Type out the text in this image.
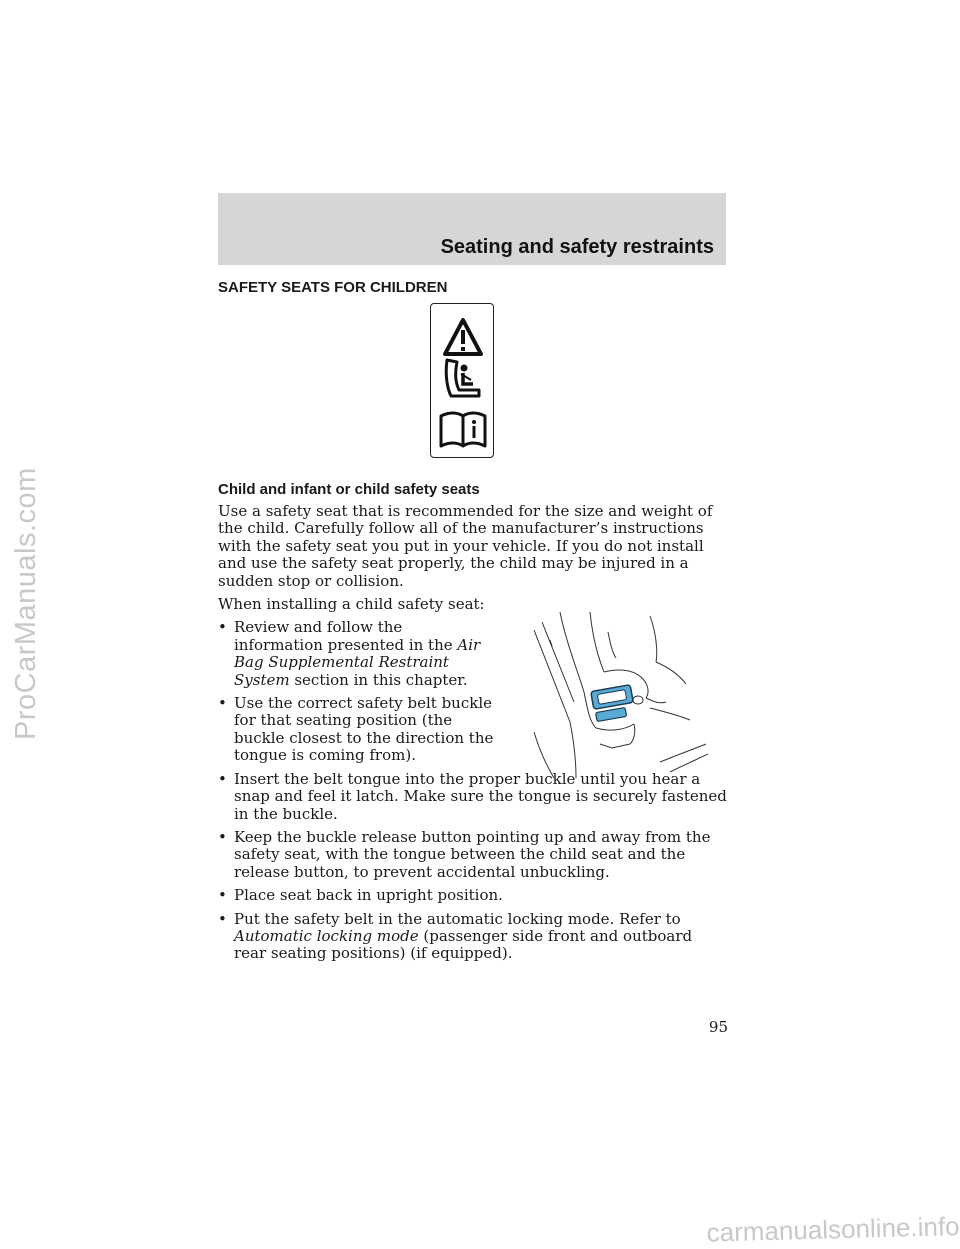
Seating and safety restraints
SAFETY SEATS FOR CHILDREN
Child and infant or child safety seats

Use a safety seat that is recommended for the size and weight of the child. Carefully follow all of the manufacturer’s instructions with the safety seat you put in your vehicle. If you do not install and use the safety seat properly, the child may be injured in a sudden stop or collision.

When installing a child safety seat:

• Review and follow the information presented in the Air Bag Supplemental Restraint System section in this chapter.
• Use the correct safety belt buckle for that seating position (the buckle closest to the direction the tongue is coming from).
• Insert the belt tongue into the proper buckle until you hear a snap and feel it latch. Make sure the tongue is securely fastened in the buckle.
• Keep the buckle release button pointing up and away from the safety seat, with the tongue between the child seat and the release button, to prevent accidental unbuckling.
• Place seat back in upright position.
• Put the safety belt in the automatic locking mode. Refer to Automatic locking mode (passenger side front and outboard rear seating positions) (if equipped).
95
ProCarManuals.com
carmanualsonline.info
